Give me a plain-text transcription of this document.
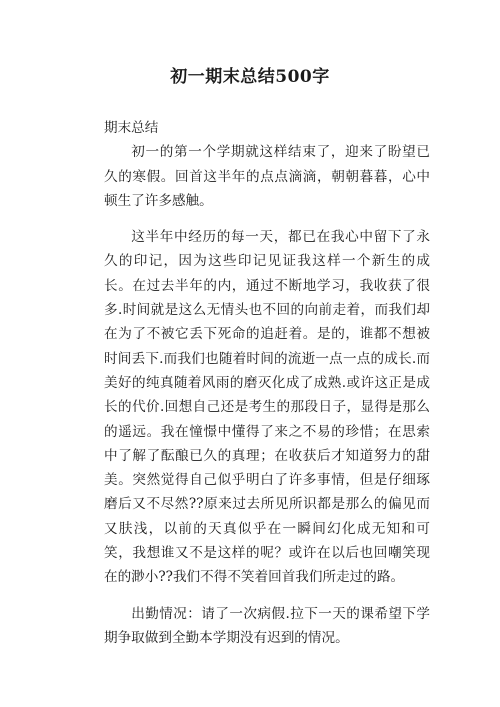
初一期末总结500字

期末总结

初一的第一个学期就这样结束了，迎来了盼望已久的寒假。回首这半年的点点滴滴，朝朝暮暮，心中顿生了许多感触。

这半年中经历的每一天，都已在我心中留下了永久的印记，因为这些印记见证我这样一个新生的成长。在过去半年的内，通过不断地学习，我收获了很多.时间就是这么无情头也不回的向前走着，而我们却在为了不被它丢下死命的追赶着。是的，谁都不想被时间丢下.而我们也随着时间的流逝一点一点的成长.而美好的纯真随着风雨的磨灭化成了成熟.或许这正是成长的代价.回想自己还是考生的那段日子，显得是那么的遥远。我在憧憬中懂得了来之不易的珍惜；在思索中了解了酝酿已久的真理；在收获后才知道努力的甜美。突然觉得自己似乎明白了许多事情，但是仔细琢磨后又不尽然??原来过去所见所识都是那么的偏见而又肤浅，以前的天真似乎在一瞬间幻化成无知和可笑，我想谁又不是这样的呢？或许在以后也回嘲笑现在的渺小??我们不得不笑着回首我们所走过的路。

出勤情况：请了一次病假.拉下一天的课希望下学期争取做到全勤本学期没有迟到的情况。
